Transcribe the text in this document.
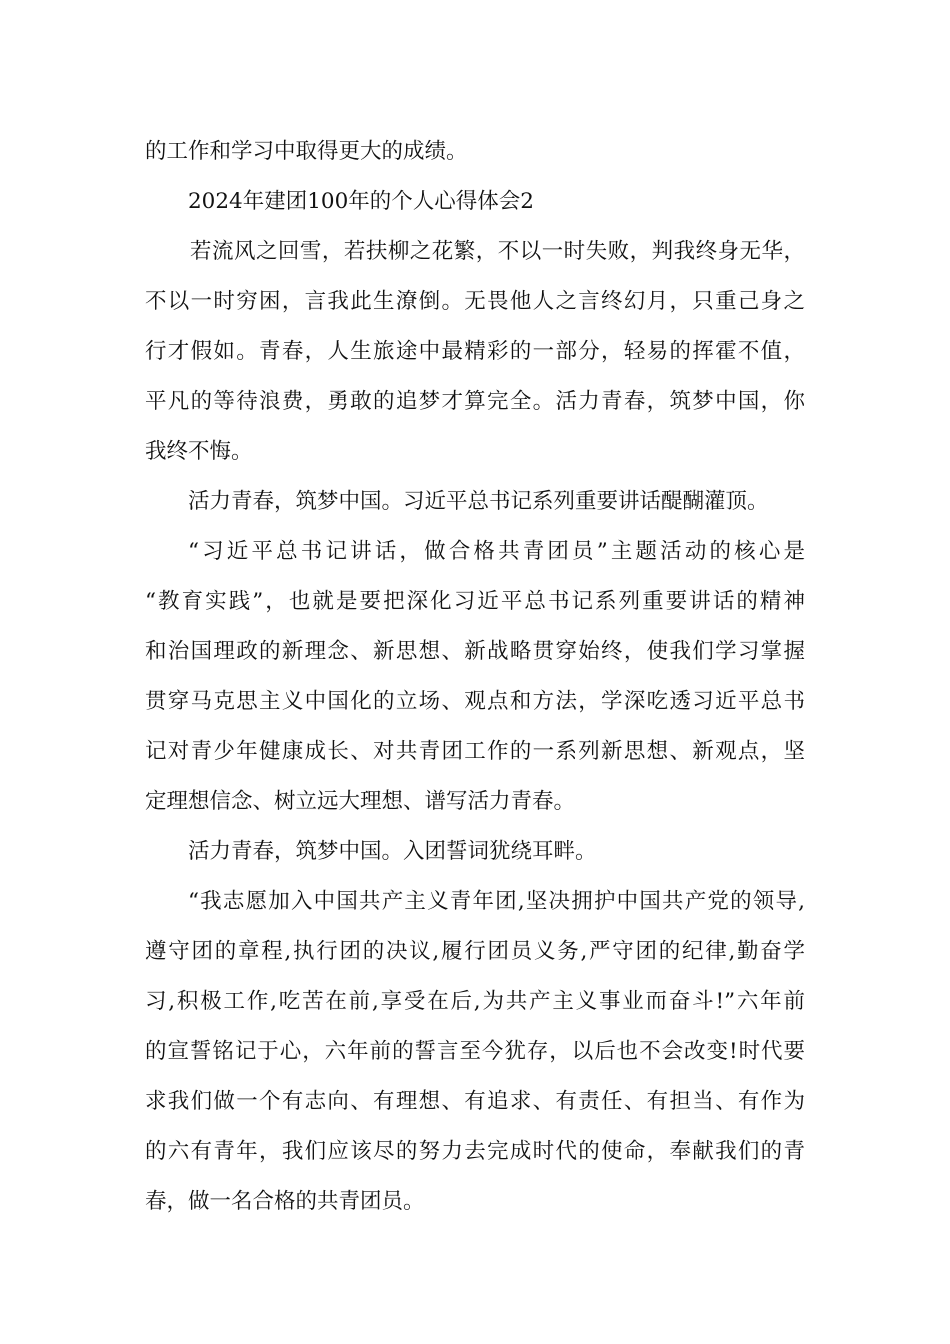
的工作和学习中取得更大的成绩。

2024年建团100年的个人心得体会2

若流风之回雪，若扶柳之花繁，不以一时失败，判我终身无华，

不以一时穷困，言我此生潦倒。无畏他人之言终幻月，只重己身之

行才假如。青春，人生旅途中最精彩的一部分，轻易的挥霍不值，

平凡的等待浪费，勇敢的追梦才算完全。活力青春，筑梦中国，你

我终不悔。

活力青春，筑梦中国。习近平总书记系列重要讲话醍醐灌顶。

“习近平总书记讲话，做合格共青团员”主题活动的核心是

“教育实践”，也就是要把深化习近平总书记系列重要讲话的精神

和治国理政的新理念、新思想、新战略贯穿始终，使我们学习掌握

贯穿马克思主义中国化的立场、观点和方法，学深吃透习近平总书

记对青少年健康成长、对共青团工作的一系列新思想、新观点，坚

定理想信念、树立远大理想、谱写活力青春。

活力青春，筑梦中国。入团誓词犹绕耳畔。

“我志愿加入中国共产主义青年团,坚决拥护中国共产党的领导,

遵守团的章程,执行团的决议,履行团员义务,严守团的纪律,勤奋学

习,积极工作,吃苦在前,享受在后,为共产主义事业而奋斗!”六年前

的宣誓铭记于心，六年前的誓言至今犹存，以后也不会改变!时代要

求我们做一个有志向、有理想、有追求、有责任、有担当、有作为

的六有青年，我们应该尽的努力去完成时代的使命，奉献我们的青

春，做一名合格的共青团员。
